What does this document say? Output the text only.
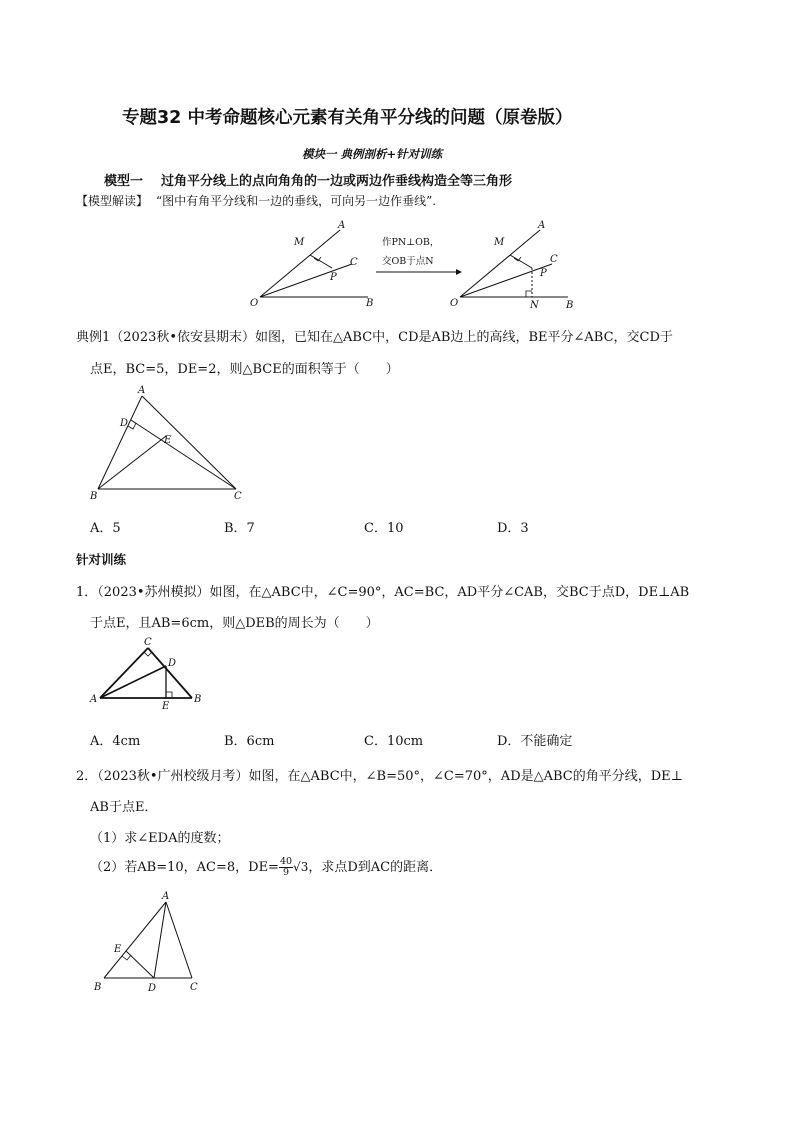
专题32 中考命题核心元素有关角平分线的问题（原卷版）
模块一 典例剖析+针对训练
模型一 过角平分线上的点向角角的一边或两边作垂线构造全等三角形
【模型解读】 “图中有角平分线和一边的垂线，可向另一边作垂线”.
M
A
C
P
O	B
作PN⊥OB，
交OB于点N
M
A
C
P
O	N	B
典例1（2023秋•依安县期末）如图，已知在△ABC中，CD是AB边上的高线，BE平分∠ABC，交CD于
点E，BC=5，DE=2，则△BCE的面积等于（　　）
A
D
E
B	C
A．5	B．7	C．10	D．3
针对训练
1．（2023•苏州模拟）如图，在△ABC中，∠C=90°，AC=BC，AD平分∠CAB，交BC于点D，DE⊥AB
于点E，且AB=6cm，则△DEB的周长为（　　）
C
D
A
E
B
A．4cm	B．6cm	C．10cm	D．不能确定
2．（2023秋•广州校级月考）如图，在△ABC中，∠B=50°，∠C=70°，AD是△ABC的角平分线，DE⊥
AB于点E．
（1）求∠EDA的度数；
（2）若AB=10，AC=8，$DE= \frac{40}{9} √3$，求点D到AC的距离．
A
E
B	D	C
